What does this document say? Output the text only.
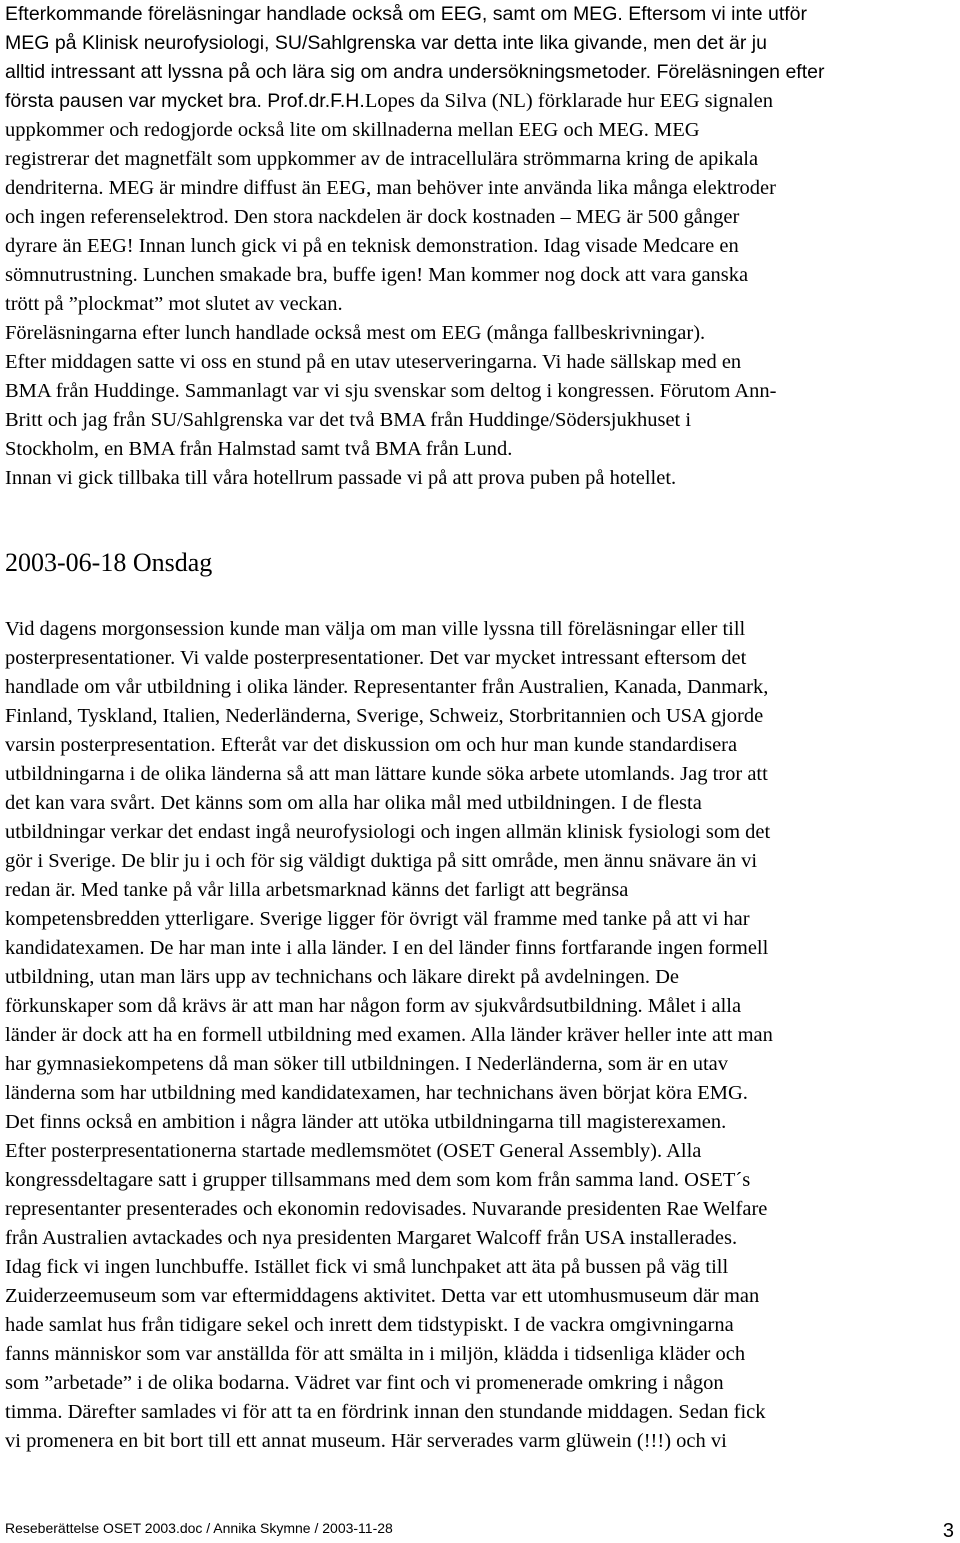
Efterkommande föreläsningar handlade också om EEG, samt om MEG. Eftersom vi inte utför
MEG på Klinisk neurofysiologi, SU/Sahlgrenska var detta inte lika givande, men det är ju
alltid intressant att lyssna på och lära sig om andra undersökningsmetoder. Föreläsningen efter
första pausen var mycket bra. Prof.dr.F.H.Lopes da Silva (NL) förklarade hur EEG signalen
uppkommer och redogjorde också lite om skillnaderna mellan EEG och MEG. MEG
registrerar det magnetfält som uppkommer av de intracellulära strömmarna kring de apikala
dendriterna. MEG är mindre diffust än EEG, man behöver inte använda lika många elektroder
och ingen referenselektrod. Den stora nackdelen är dock kostnaden – MEG är 500 gånger
dyrare än EEG! Innan lunch gick vi på en teknisk demonstration. Idag visade Medcare en
sömnutrustning. Lunchen smakade bra, buffe igen! Man kommer nog dock att vara ganska
trött på ”plockmat” mot slutet av veckan.
Föreläsningarna efter lunch handlade också mest om EEG (många fallbeskrivningar).
Efter middagen satte vi oss en stund på en utav uteserveringarna. Vi hade sällskap med en
BMA från Huddinge. Sammanlagt var vi sju svenskar som deltog i kongressen. Förutom Ann-
Britt och jag från SU/Sahlgrenska var det två BMA från Huddinge/Södersjukhuset i
Stockholm, en BMA från Halmstad samt två BMA från Lund.
Innan vi gick tillbaka till våra hotellrum passade vi på att prova puben på hotellet.
2003-06-18 Onsdag
Vid dagens morgonsession kunde man välja om man ville lyssna till föreläsningar eller till
posterpresentationer. Vi valde posterpresentationer. Det var mycket intressant eftersom det
handlade om vår utbildning i olika länder. Representanter från Australien, Kanada, Danmark,
Finland, Tyskland, Italien, Nederländerna, Sverige, Schweiz, Storbritannien och USA gjorde
varsin posterpresentation. Efteråt var det diskussion om och hur man kunde standardisera
utbildningarna i de olika länderna så att man lättare kunde söka arbete utomlands. Jag tror att
det kan vara svårt. Det känns som om alla har olika mål med utbildningen. I de flesta
utbildningar verkar det endast ingå neurofysiologi och ingen allmän klinisk fysiologi som det
gör i Sverige. De blir ju i och för sig väldigt duktiga på sitt område, men ännu snävare än vi
redan är. Med tanke på vår lilla arbetsmarknad känns det farligt att begränsa
kompetensbredden ytterligare. Sverige ligger för övrigt väl framme med tanke på att vi har
kandidatexamen. De har man inte i alla länder. I en del länder finns fortfarande ingen formell
utbildning, utan man lärs upp av technichans och läkare direkt på avdelningen. De
förkunskaper som då krävs är att man har någon form av sjukvårdsutbildning. Målet i alla
länder är dock att ha en formell utbildning med examen. Alla länder kräver heller inte att man
har gymnasiekompetens då man söker till utbildningen. I Nederländerna, som är en utav
länderna som har utbildning med kandidatexamen, har technichans även börjat köra EMG.
Det finns också en ambition i några länder att utöka utbildningarna till magisterexamen.
Efter posterpresentationerna startade medlemsmötet (OSET General Assembly). Alla
kongressdeltagare satt i grupper tillsammans med dem som kom från samma land. OSET´s
representanter presenterades och ekonomin redovisades. Nuvarande presidenten Rae Welfare
från Australien avtackades och nya presidenten Margaret Walcoff från USA installerades.
Idag fick vi ingen lunchbuffe. Istället fick vi små lunchpaket att äta på bussen på väg till
Zuiderzeemuseum som var eftermiddagens aktivitet. Detta var ett utomhusmuseum där man
hade samlat hus från tidigare sekel och inrett dem tidstypiskt. I de vackra omgivningarna
fanns människor som var anställda för att smälta in i miljön, klädda i tidsenliga kläder och
som ”arbetade” i de olika bodarna. Vädret var fint och vi promenerade omkring i någon
timma. Därefter samlades vi för att ta en fördrink innan den stundande middagen. Sedan fick
vi promenera en bit bort till ett annat museum. Här serverades varm glüwein (!!!) och vi
Reseberättelse OSET 2003.doc / Annika Skymne / 2003-11-28	3
